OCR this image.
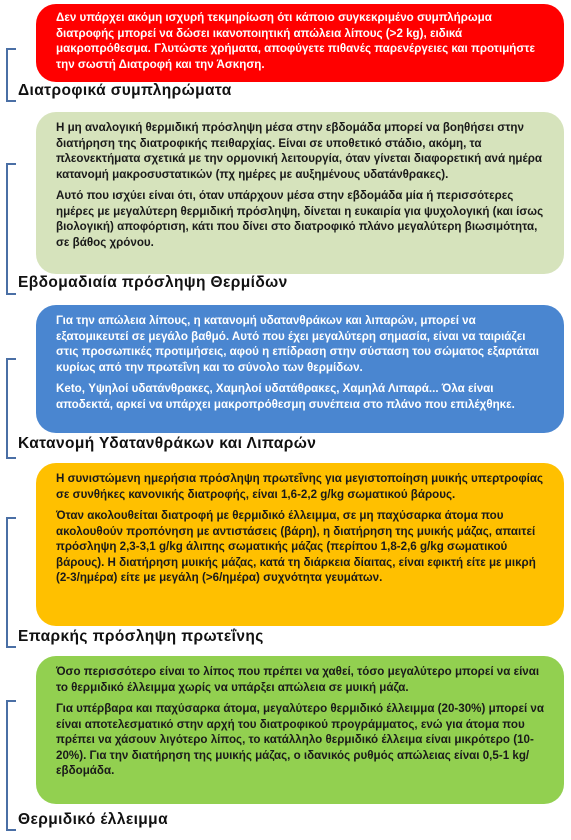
Δεν υπάρχει ακόμη ισχυρή τεκμηρίωση ότι κάποιο συγκεκριμένο συμπλήρωμα διατροφής μπορεί να δώσει ικανοποιητική απώλεια λίπους (>2 kg), ειδικά μακροπρόθεσμα. Γλυτώστε χρήματα, αποφύγετε πιθανές παρενέργειες και προτιμήστε την σωστή Διατροφή και την Άσκηση.

Διατροφικά συμπληρώματα

Η μη αναλογική θερμιδική πρόσληψη μέσα στην εβδομάδα μπορεί να βοηθήσει στην διατήρηση της διατροφικής πειθαρχίας. Είναι σε υποθετικό στάδιο, ακόμη, τα πλεονεκτήματα σχετικά με την ορμονική λειτουργία, όταν γίνεται διαφορετική ανά ημέρα κατανομή μακροσυστατικών (πχ ημέρες με αυξημένους υδατάνθρακες).

Αυτό που ισχύει είναι ότι, όταν υπάρχουν μέσα στην εβδομάδα μία ή περισσότερες ημέρες με μεγαλύτερη θερμιδική πρόσληψη, δίνεται η ευκαιρία για ψυχολογική (και ίσως βιολογική) αποφόρτιση, κάτι που δίνει στο διατροφικό πλάνο μεγαλύτερη βιωσιμότητα, σε βάθος χρόνου.

Εβδομαδιαία πρόσληψη Θερμίδων

Για την απώλεια λίπους, η κατανομή υδατανθράκων και λιπαρών, μπορεί να εξατομικευτεί σε μεγάλο βαθμό. Αυτό που έχει μεγαλύτερη σημασία, είναι να ταιριάζει στις προσωπικές προτιμήσεις, αφού η επίδραση στην σύσταση του σώματος εξαρτάται κυρίως από την πρωτεΐνη και το σύνολο των θερμίδων.

Keto, Υψηλοί υδατάνθρακες, Χαμηλοί υδατάθρακες, Χαμηλά Λιπαρά... Όλα είναι αποδεκτά, αρκεί να υπάρχει μακροπρόθεσμη συνέπεια στο πλάνο που επιλέχθηκε.

Κατανομή Υδατανθράκων και Λιπαρών

Η συνιστώμενη ημερήσια πρόσληψη πρωτεΐνης για μεγιστοποίηση μυικής υπερτροφίας σε συνθήκες κανονικής διατροφής, είναι 1,6-2,2 g/kg σωματικού βάρους.

Όταν ακολουθείται διατροφή με θερμιδικό έλλειμμα, σε μη παχύσαρκα άτομα που ακολουθούν προπόνηση με αντιστάσεις (βάρη), η διατήρηση της μυικής μάζας, απαιτεί πρόσληψη 2,3-3,1 g/kg άλιπης σωματικής μάζας (περίπου 1,8-2,6 g/kg σωματικού βάρους). Η διατήρηση μυικής μάζας, κατά τη διάρκεια δίαιτας, είναι εφικτή είτε με μικρή (2-3/ημέρα) είτε με μεγάλη (>6/ημέρα) συχνότητα γευμάτων.

Επαρκής πρόσληψη πρωτεΐνης

Όσο περισσότερο είναι το λίπος που πρέπει να χαθεί, τόσο μεγαλύτερο μπορεί να είναι το θερμιδικό έλλειμμα χωρίς να υπάρξει απώλεια σε μυική μάζα.

Για υπέρβαρα και παχύσαρκα άτομα, μεγαλύτερο θερμιδικό έλλειμμα (20-30%) μπορεί να είναι αποτελεσματικό στην αρχή του διατροφικού προγράμματος, ενώ για άτομα που πρέπει να χάσουν λιγότερο λίπος, το κατάλληλο θερμιδικό έλλειμα είναι μικρότερο (10-20%). Για την διατήρηση της μυικής μάζας, ο ιδανικός ρυθμός απώλειας είναι 0,5-1 kg/εβδομάδα.

Θερμιδικό έλλειμμα
